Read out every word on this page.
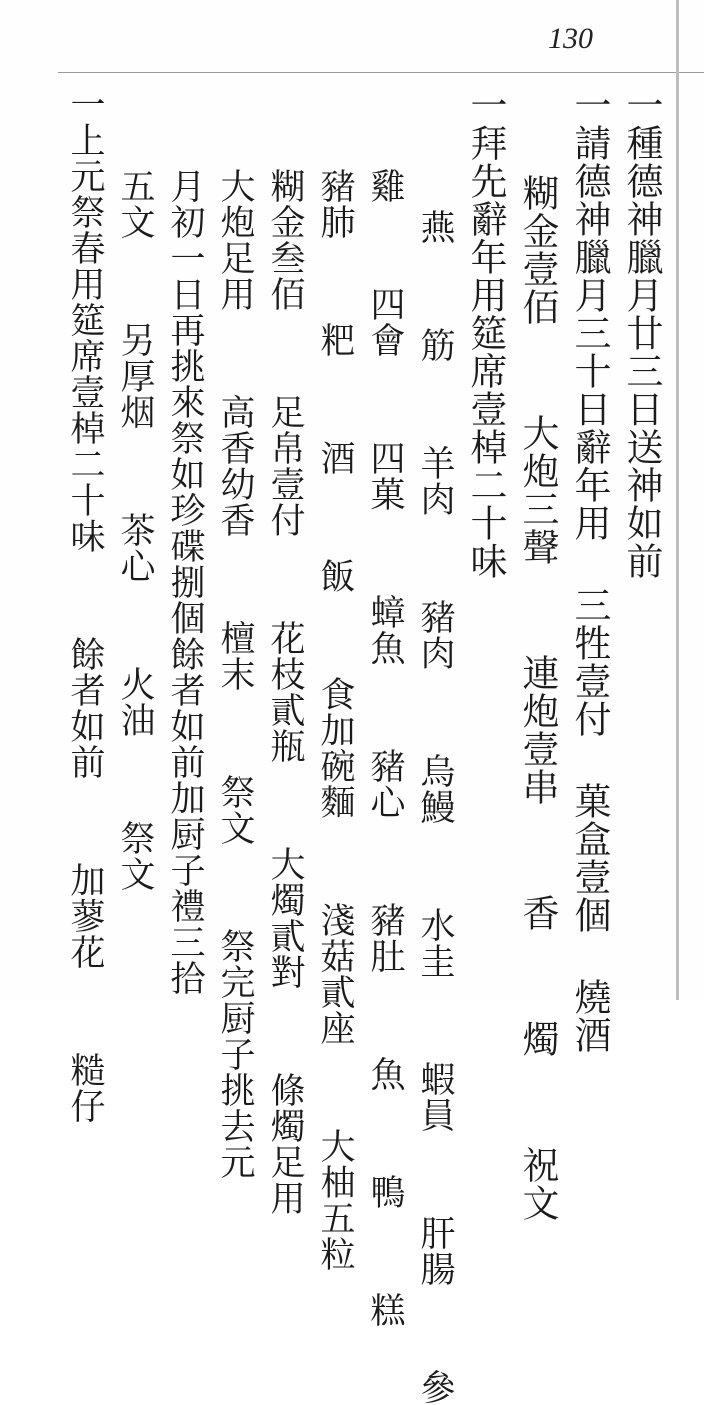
130
一種德神臘月廿三日送神如前
一請德神臘月三十日辭年用 三牲壹付 菓盒壹個 燒酒
糊金壹佰  大炮三聲  連炮壹串  香  燭  祝文
一拜先辭年用筵席壹棹二十味
燕  筋  羊肉  豬肉  烏鰻  水圭  蝦員  肝腸  參
雞  四會  四菓  蟑魚  豬心  豬肚  魚  鴨  糕
豬肺  粑  酒  飯  食加碗麵  淺菇貳座  大柚五粒
糊金叁佰  足帛壹付  花枝貳瓶  大燭貳對  條燭足用
大炮足用  高香幼香  檀末  祭文  祭完厨子挑去元
月初一日再挑來祭如珍碟捌個餘者如前加厨子禮三拾
五文  另厚烟  茶心  火油  祭文
一上元祭春用筵席壹棹二十味  餘者如前  加蓼花  糙仔
